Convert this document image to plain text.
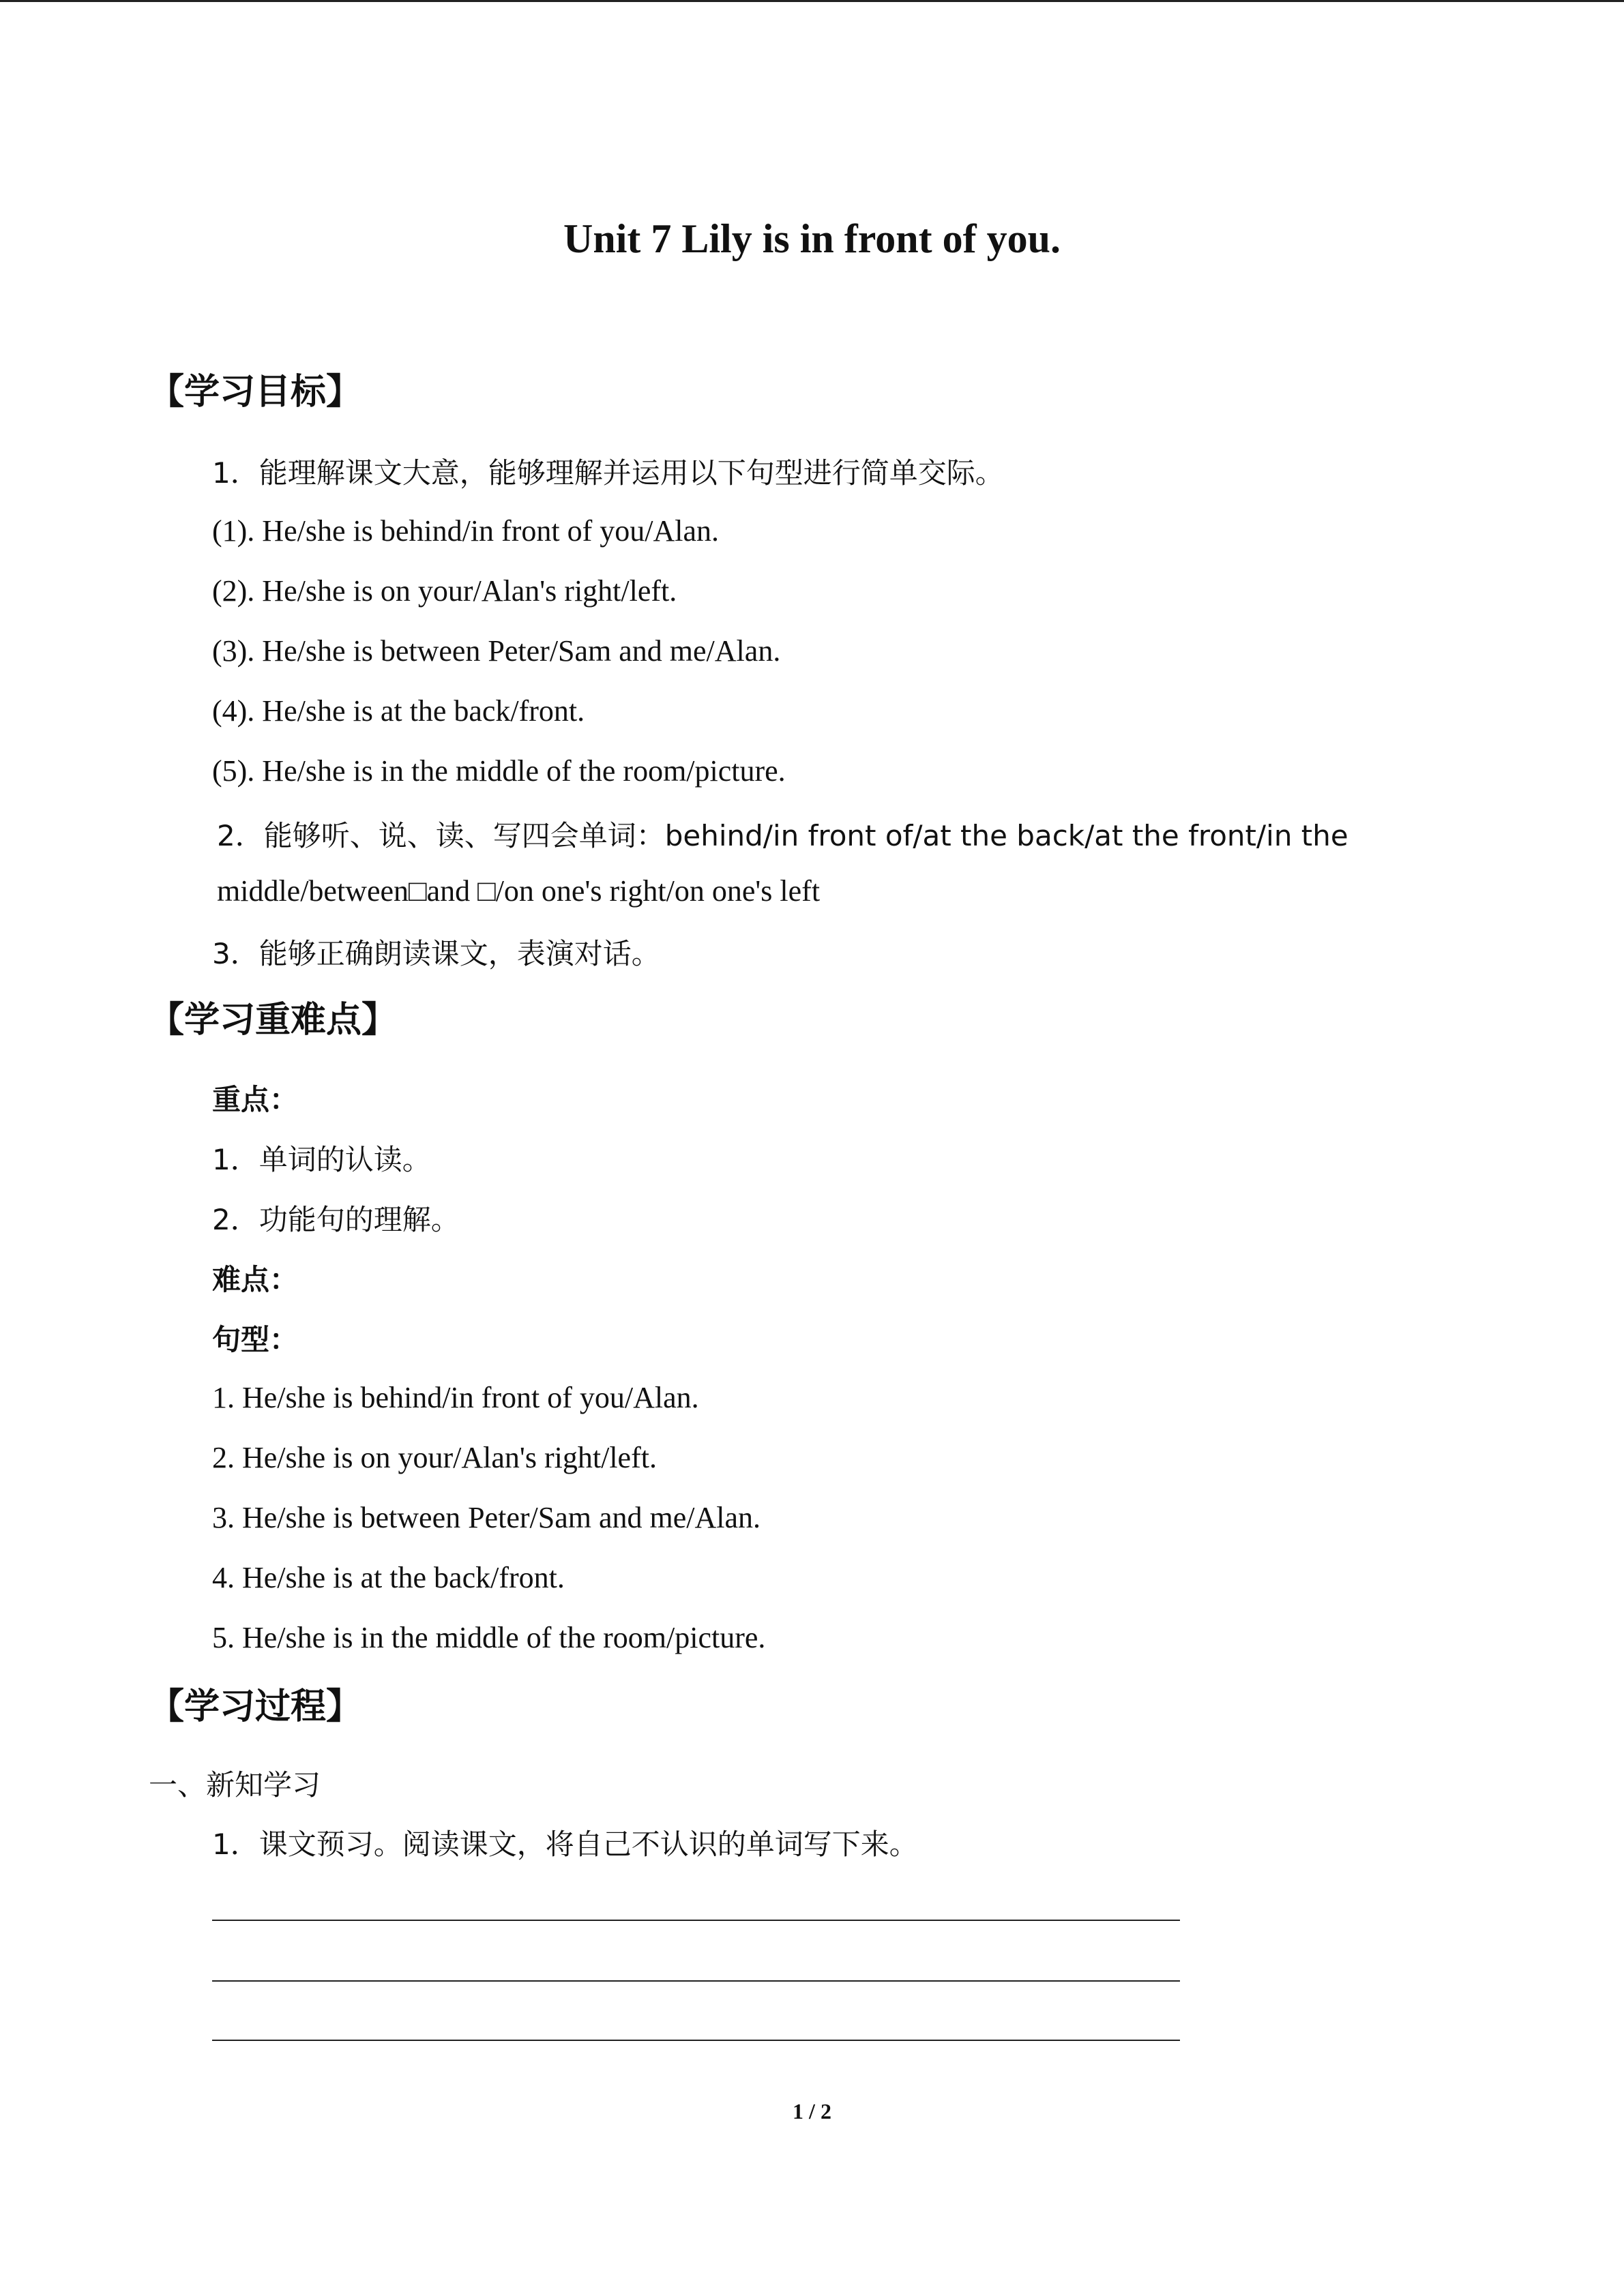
Unit 7 Lily is in front of you.
【学习目标】
1．能理解课文大意，能够理解并运用以下句型进行简单交际。
(1). He/she is behind/in front of you/Alan.
(2). He/she is on your/Alan's right/left.
(3). He/she is between Peter/Sam and me/Alan.
(4). He/she is at the back/front.
(5). He/she is in the middle of the room/picture.
2．能够听、说、读、写四会单词：behind/in front of/at the back/at the front/in the
middle/between□and □/on one's right/on one's left
3．能够正确朗读课文，表演对话。
【学习重难点】
重点：
1．单词的认读。
2．功能句的理解。
难点：
句型：
1. He/she is behind/in front of you/Alan.
2. He/she is on your/Alan's right/left.
3. He/she is between Peter/Sam and me/Alan.
4. He/she is at the back/front.
5. He/she is in the middle of the room/picture.
【学习过程】
一、新知学习
1．课文预习。阅读课文，将自己不认识的单词写下来。
1 / 2
